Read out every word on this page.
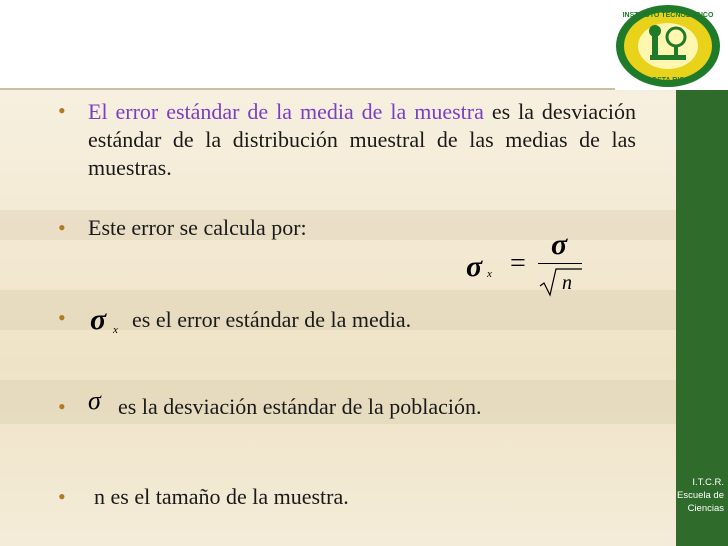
INSTITUTO TECNOLOGICO
COSTA RICA
• El error estándar de la media de la muestra es la desviación estándar de la distribución muestral de las medias de las muestras.
• Este error se calcula por:
σ x =
σ
n
• σ x es el error estándar de la media.
• σ es la desviación estándar de la población.
• n es el tamaño de la muestra.
I.T.C.R.
Escuela de
Ciencias
